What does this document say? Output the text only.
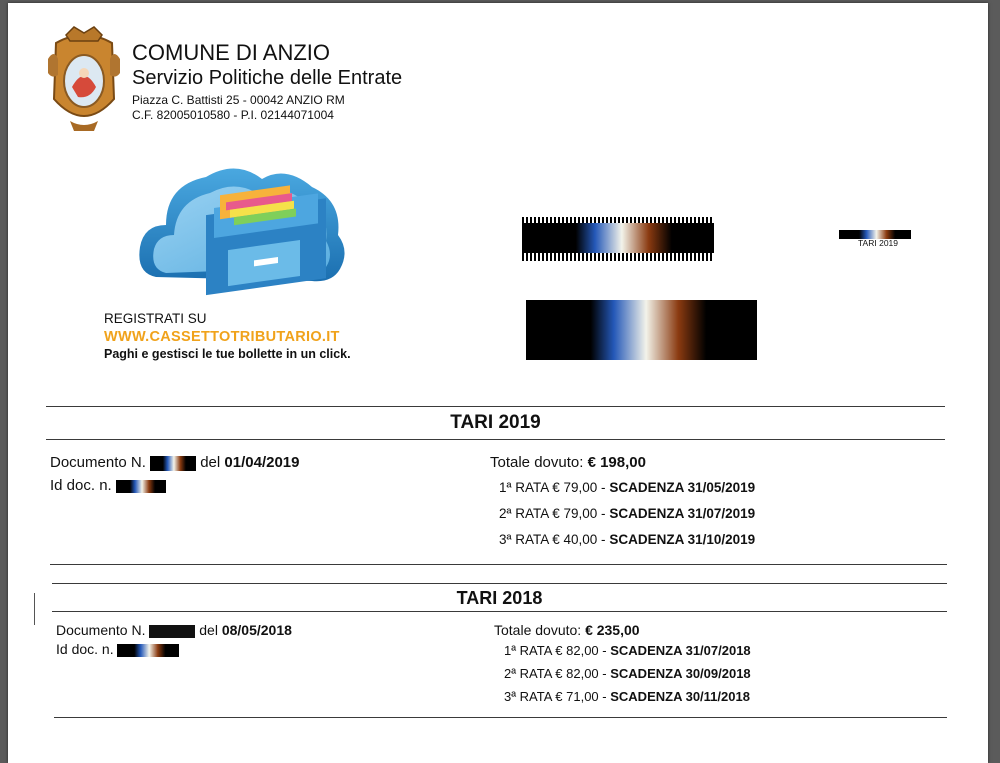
COMUNE DI ANZIO
Servizio Politiche delle Entrate
Piazza C. Battisti 25 - 00042 ANZIO RM
C.F. 82005010580 - P.I. 02144071004
REGISTRATI SU
WWW.CASSETTOTRIBUTARIO.IT
Paghi e gestisci le tue bollette in un click.
TARI 2019
TARI 2019
Documento N.	del 01/04/2019
Id doc. n.
Totale dovuto: € 198,00
1ª RATA € 79,00 - SCADENZA 31/05/2019
2ª RATA € 79,00 - SCADENZA 31/07/2019
3ª RATA € 40,00 - SCADENZA 31/10/2019
TARI 2018
Documento N.	del 08/05/2018
Id doc. n.
Totale dovuto: € 235,00
1ª RATA € 82,00 - SCADENZA 31/07/2018
2ª RATA € 82,00 - SCADENZA 30/09/2018
3ª RATA € 71,00 - SCADENZA 30/11/2018
